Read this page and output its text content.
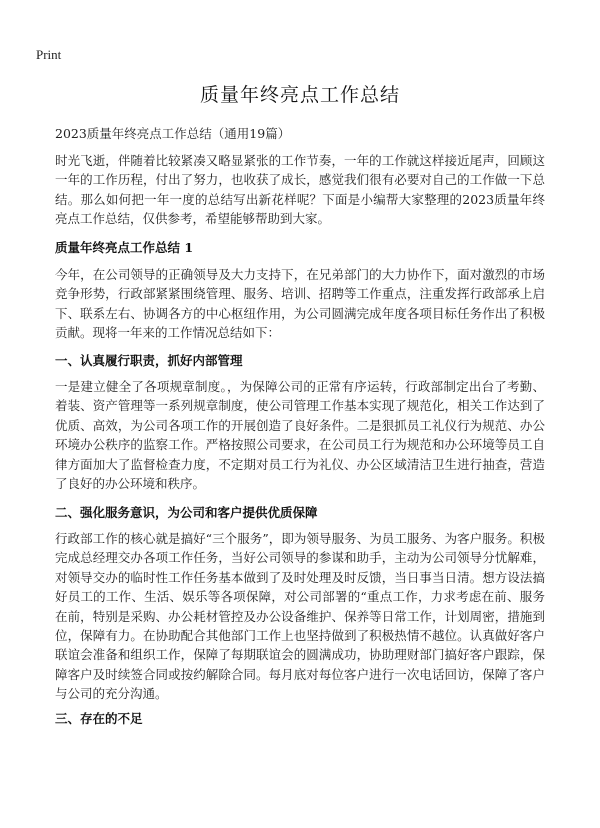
Print
质量年终亮点工作总结

2023质量年终亮点工作总结（通用19篇）

时光飞逝，伴随着比较紧凑又略显紧张的工作节奏，一年的工作就这样接近尾声，回顾这一年的工作历程，付出了努力，也收获了成长，感觉我们很有必要对自己的工作做一下总结。那么如何把一年一度的总结写出新花样呢？下面是小编帮大家整理的2023质量年终亮点工作总结，仅供参考，希望能够帮助到大家。

质量年终亮点工作总结 1

今年，在公司领导的正确领导及大力支持下，在兄弟部门的大力协作下，面对激烈的市场竞争形势，行政部紧紧围绕管理、服务、培训、招聘等工作重点，注重发挥行政部承上启下、联系左右、协调各方的中心枢纽作用，为公司圆满完成年度各项目标任务作出了积极贡献。现将一年来的工作情况总结如下：

一、认真履行职责，抓好内部管理

一是建立健全了各项规章制度。，为保障公司的正常有序运转，行政部制定出台了考勤、着装、资产管理等一系列规章制度，使公司管理工作基本实现了规范化，相关工作达到了优质、高效，为公司各项工作的开展创造了良好条件。二是狠抓员工礼仪行为规范、办公环境办公秩序的监察工作。严格按照公司要求，在公司员工行为规范和办公环境等员工自律方面加大了监督检查力度，不定期对员工行为礼仪、办公区域清洁卫生进行抽查，营造了良好的办公环境和秩序。

二、强化服务意识，为公司和客户提供优质保障

行政部工作的核心就是搞好“三个服务”，即为领导服务、为员工服务、为客户服务。积极完成总经理交办各项工作任务，当好公司领导的参谋和助手，主动为公司领导分忧解难，对领导交办的临时性工作任务基本做到了及时处理及时反馈，当日事当日清。想方设法搞好员工的工作、生活、娱乐等各项保障，对公司部署的“重点工作，力求考虑在前、服务在前，特别是采购、办公耗材管控及办公设备维护、保养等日常工作，计划周密，措施到位，保障有力。在协助配合其他部门工作上也坚持做到了积极热情不越位。认真做好客户联谊会准备和组织工作，保障了每期联谊会的圆满成功，协助理财部门搞好客户跟踪，保障客户及时续签合同或按约解除合同。每月底对每位客户进行一次电话回访，保障了客户与公司的充分沟通。

三、存在的不足
